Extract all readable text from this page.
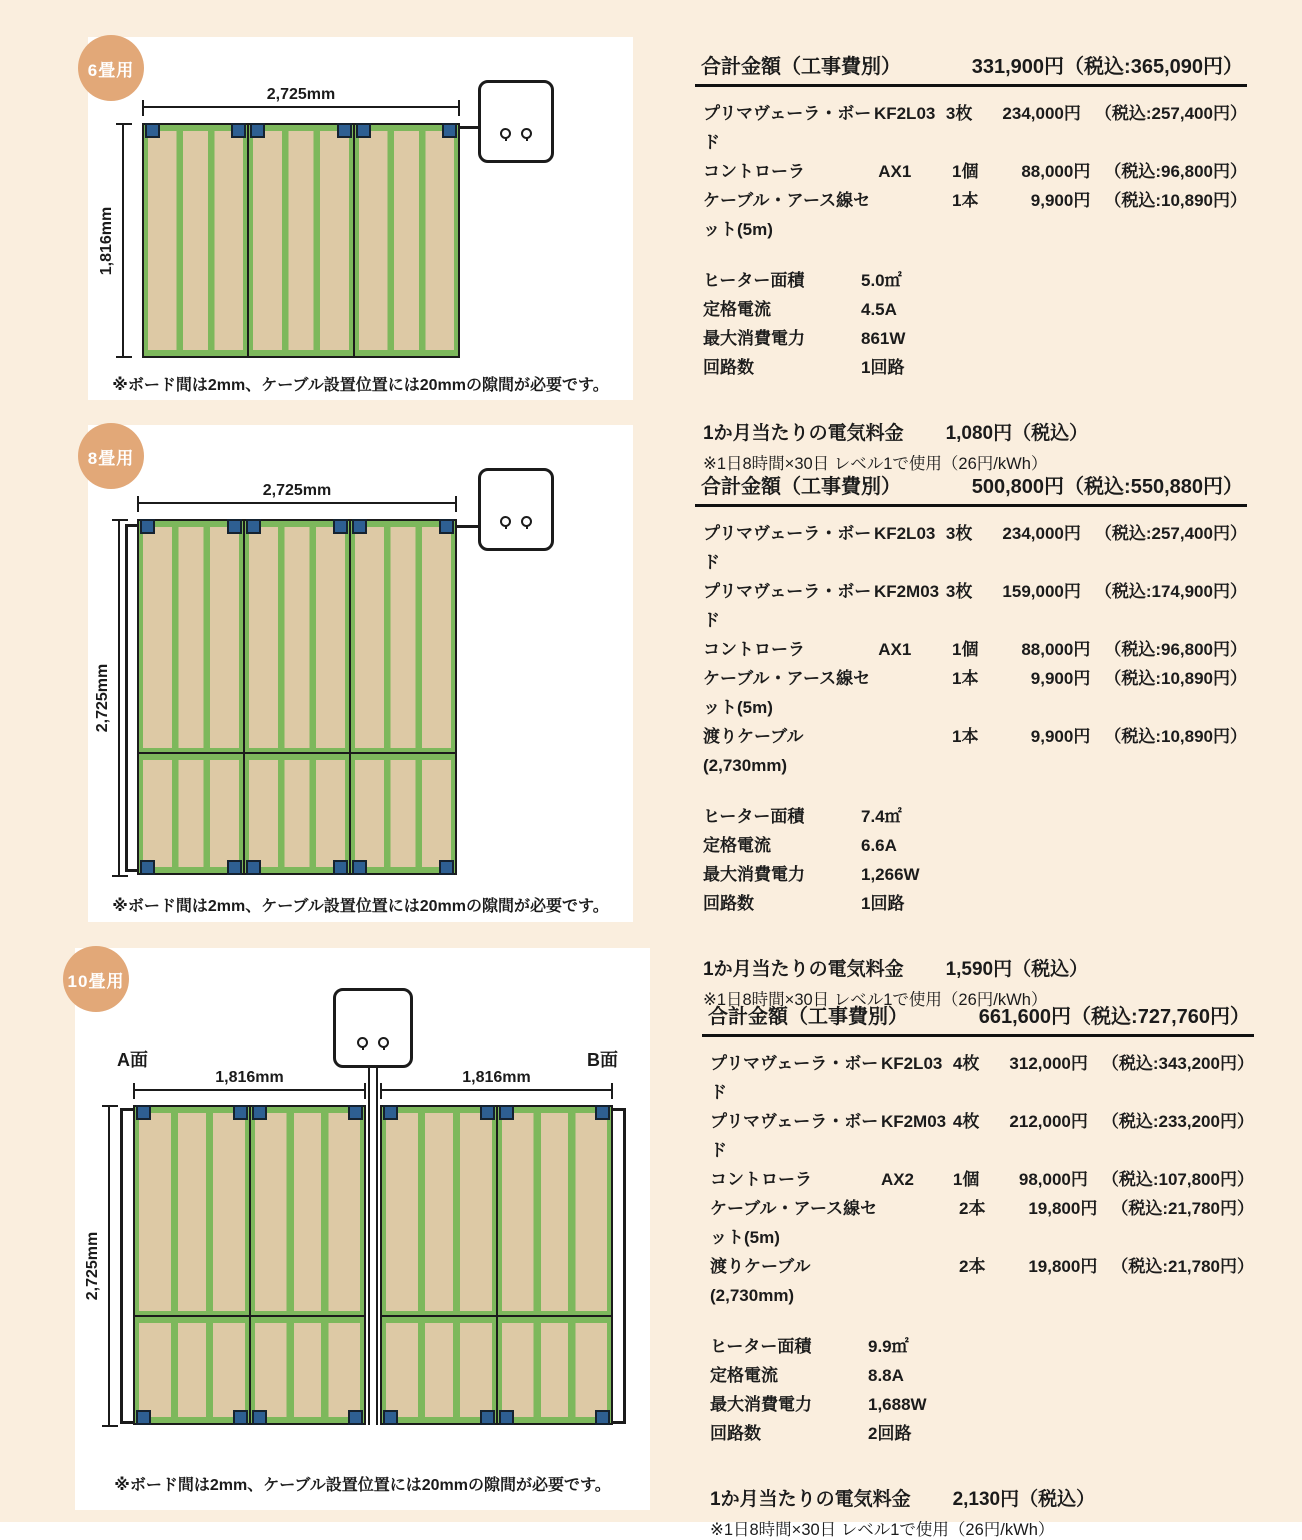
6畳用
2,725mm
1,816mm
※ボード間は2mm、ケーブル設置位置には20mmの隙間が必要です。
8畳用
2,725mm
2,725mm
※ボード間は2mm、ケーブル設置位置には20mmの隙間が必要です。
10畳用
A面	B面
1,816mm	1,816mm
2,725mm
※ボード間は2mm、ケーブル設置位置には20mmの隙間が必要です。
合計金額（工事費別）	331,900円（税込:365,090円）
プリマヴェーラ・ボード
KF2L03 3枚	234,000円 （税込:257,400円）
コントローラ	AX1	1個	88,000円 （税込:96,800円）
ケーブル・アース線セット(5m)
1本	9,900円 （税込:10,890円）
ヒーター面積	5.0㎡
定格電流	4.5A
最大消費電力	861W
回路数	1回路
1か月当たりの電気料金 1,080円（税込）
※1日8時間×30日 レベル1で使用（26円/kWh）
合計金額（工事費別）	500,800円（税込:550,880円）
プリマヴェーラ・ボード
KF2L03 3枚	234,000円 （税込:257,400円）
プリマヴェーラ・ボード
KF2M03 3枚	159,000円 （税込:174,900円）
コントローラ	AX1	1個	88,000円 （税込:96,800円）
ケーブル・アース線セット(5m)
1本	9,900円 （税込:10,890円）
渡りケーブル(2,730mm)
1本	9,900円 （税込:10,890円）
ヒーター面積	7.4㎡
定格電流	6.6A
最大消費電力	1,266W
回路数	1回路
1か月当たりの電気料金 1,590円（税込）
※1日8時間×30日 レベル1で使用（26円/kWh）
合計金額（工事費別）	661,600円（税込:727,760円）
プリマヴェーラ・ボード
KF2L03 4枚	312,000円 （税込:343,200円）
プリマヴェーラ・ボード
KF2M03 4枚	212,000円 （税込:233,200円）
コントローラ	AX2	1個	98,000円 （税込:107,800円）
ケーブル・アース線セット(5m)
2本	19,800円 （税込:21,780円）
渡りケーブル(2,730mm)
2本	19,800円 （税込:21,780円）
ヒーター面積	9.9㎡
定格電流	8.8A
最大消費電力	1,688W
回路数	2回路
1か月当たりの電気料金 2,130円（税込）
※1日8時間×30日 レベル1で使用（26円/kWh）
